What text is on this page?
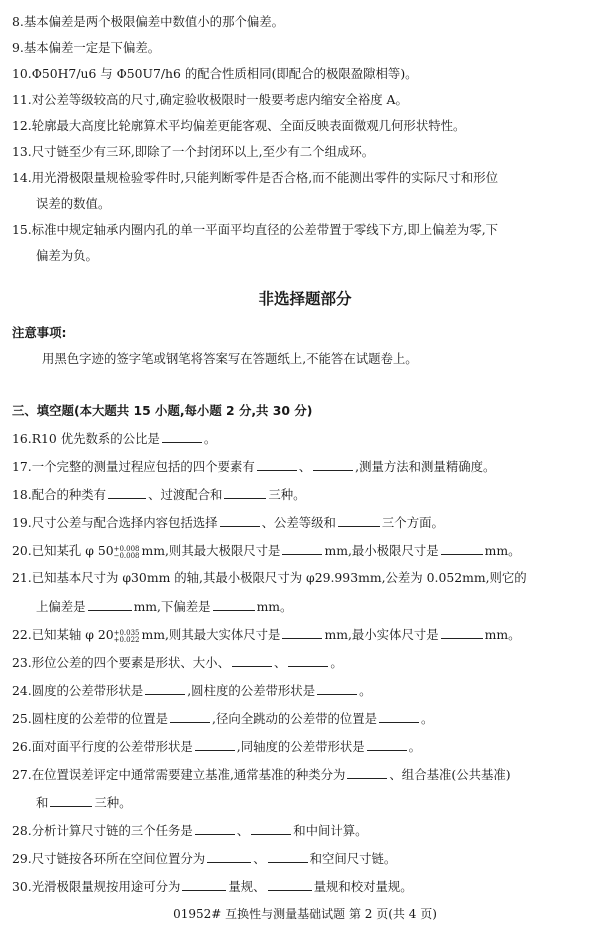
8.基本偏差是两个极限偏差中数值小的那个偏差。
9.基本偏差一定是下偏差。
10.Φ50H7/u6 与 Φ50U7/h6 的配合性质相同(即配合的极限盈隙相等)。
11.对公差等级较高的尺寸,确定验收极限时一般要考虑内缩安全裕度 A。
12.轮廓最大高度比轮廓算术平均偏差更能客观、全面反映表面微观几何形状特性。
13.尺寸链至少有三环,即除了一个封闭环以上,至少有二个组成环。
14.用光滑极限量规检验零件时,只能判断零件是否合格,而不能测出零件的实际尺寸和形位
误差的数值。
15.标准中规定轴承内圈内孔的单一平面平均直径的公差带置于零线下方,即上偏差为零,下
偏差为负。
非选择题部分
注意事项:
用黑色字迹的签字笔或钢笔将答案写在答题纸上,不能答在试题卷上。
三、填空题(本大题共 15 小题,每小题 2 分,共 30 分)
16.R10 优先数系的公比是	。
17.一个完整的测量过程应包括的四个要素有	、	,测量方法和测量精确度。
18.配合的种类有	、过渡配合和	三种。
19.尺寸公差与配合选择内容包括选择	、公差等级和	三个方面。
20.已知某孔 φ 50 +0.008
−0.008 mm,则其最大极限尺寸是	mm,最小极限尺寸是	mm。
21.已知基本尺寸为 φ30mm 的轴,其最小极限尺寸为 φ29.993mm,公差为 0.052mm,则它的
上偏差是	mm,下偏差是	mm。
22.已知某轴 φ 20 +0.035
+0.022 mm,则其最大实体尺寸是	mm,最小实体尺寸是	mm。
23.形位公差的四个要素是形状、大小、	、	。
24.圆度的公差带形状是	,圆柱度的公差带形状是	。
25.圆柱度的公差带的位置是	,径向全跳动的公差带的位置是	。
26.面对面平行度的公差带形状是	,同轴度的公差带形状是	。
27.在位置误差评定中通常需要建立基准,通常基准的种类分为	、组合基准(公共基准)
和	三种。
28.分析计算尺寸链的三个任务是	、	和中间计算。
29.尺寸链按各环所在空间位置分为	、	和空间尺寸链。
30.光滑极限量规按用途可分为	量规、	量规和校对量规。
01952# 互换性与测量基础试题 第 2 页(共 4 页)
